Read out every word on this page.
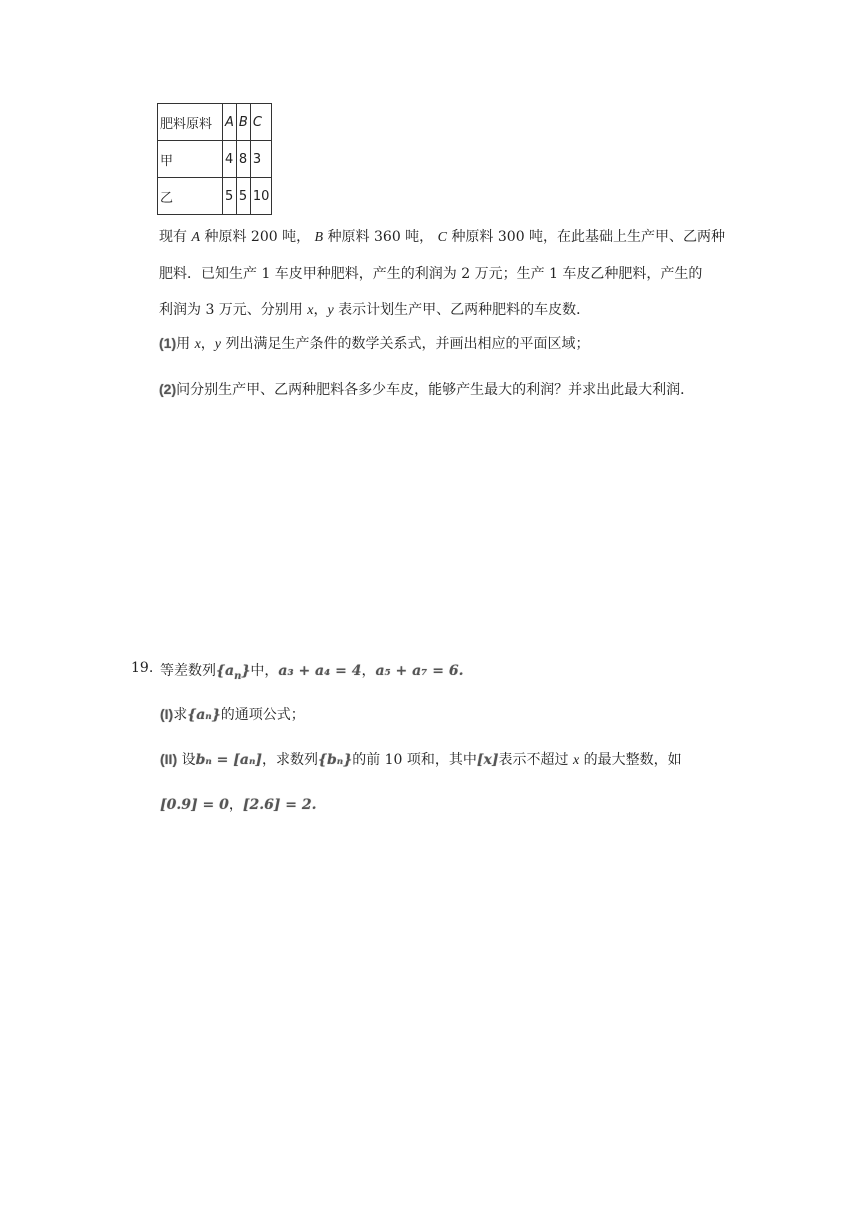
肥料原料	A	B	C
甲	4	8	3
乙	5	5	10
现有 A 种原料 200 吨， B 种原料 360 吨， C 种原料 300 吨，在此基础上生产甲、乙两种
肥料．已知生产 1 车皮甲种肥料，产生的利润为 2 万元；生产 1 车皮乙种肥料，产生的
利润为 3 万元、分别用 x，y 表示计划生产甲、乙两种肥料的车皮数．
(1)用 x，y 列出满足生产条件的数学关系式，并画出相应的平面区域；
(2)问分别生产甲、乙两种肥料各多少车皮，能够产生最大的利润？并求出此最大利润．
19. 等差数列$\{a_n\}$中，a₃ + a₄ = 4，a₅ + a₇ = 6.
(I)求{aₙ}的通项公式；
(II) 设bₙ = [aₙ]，求数列{bₙ}的前 10 项和，其中[x]表示不超过 x 的最大整数，如
[0.9] = 0，[2.6] = 2.
